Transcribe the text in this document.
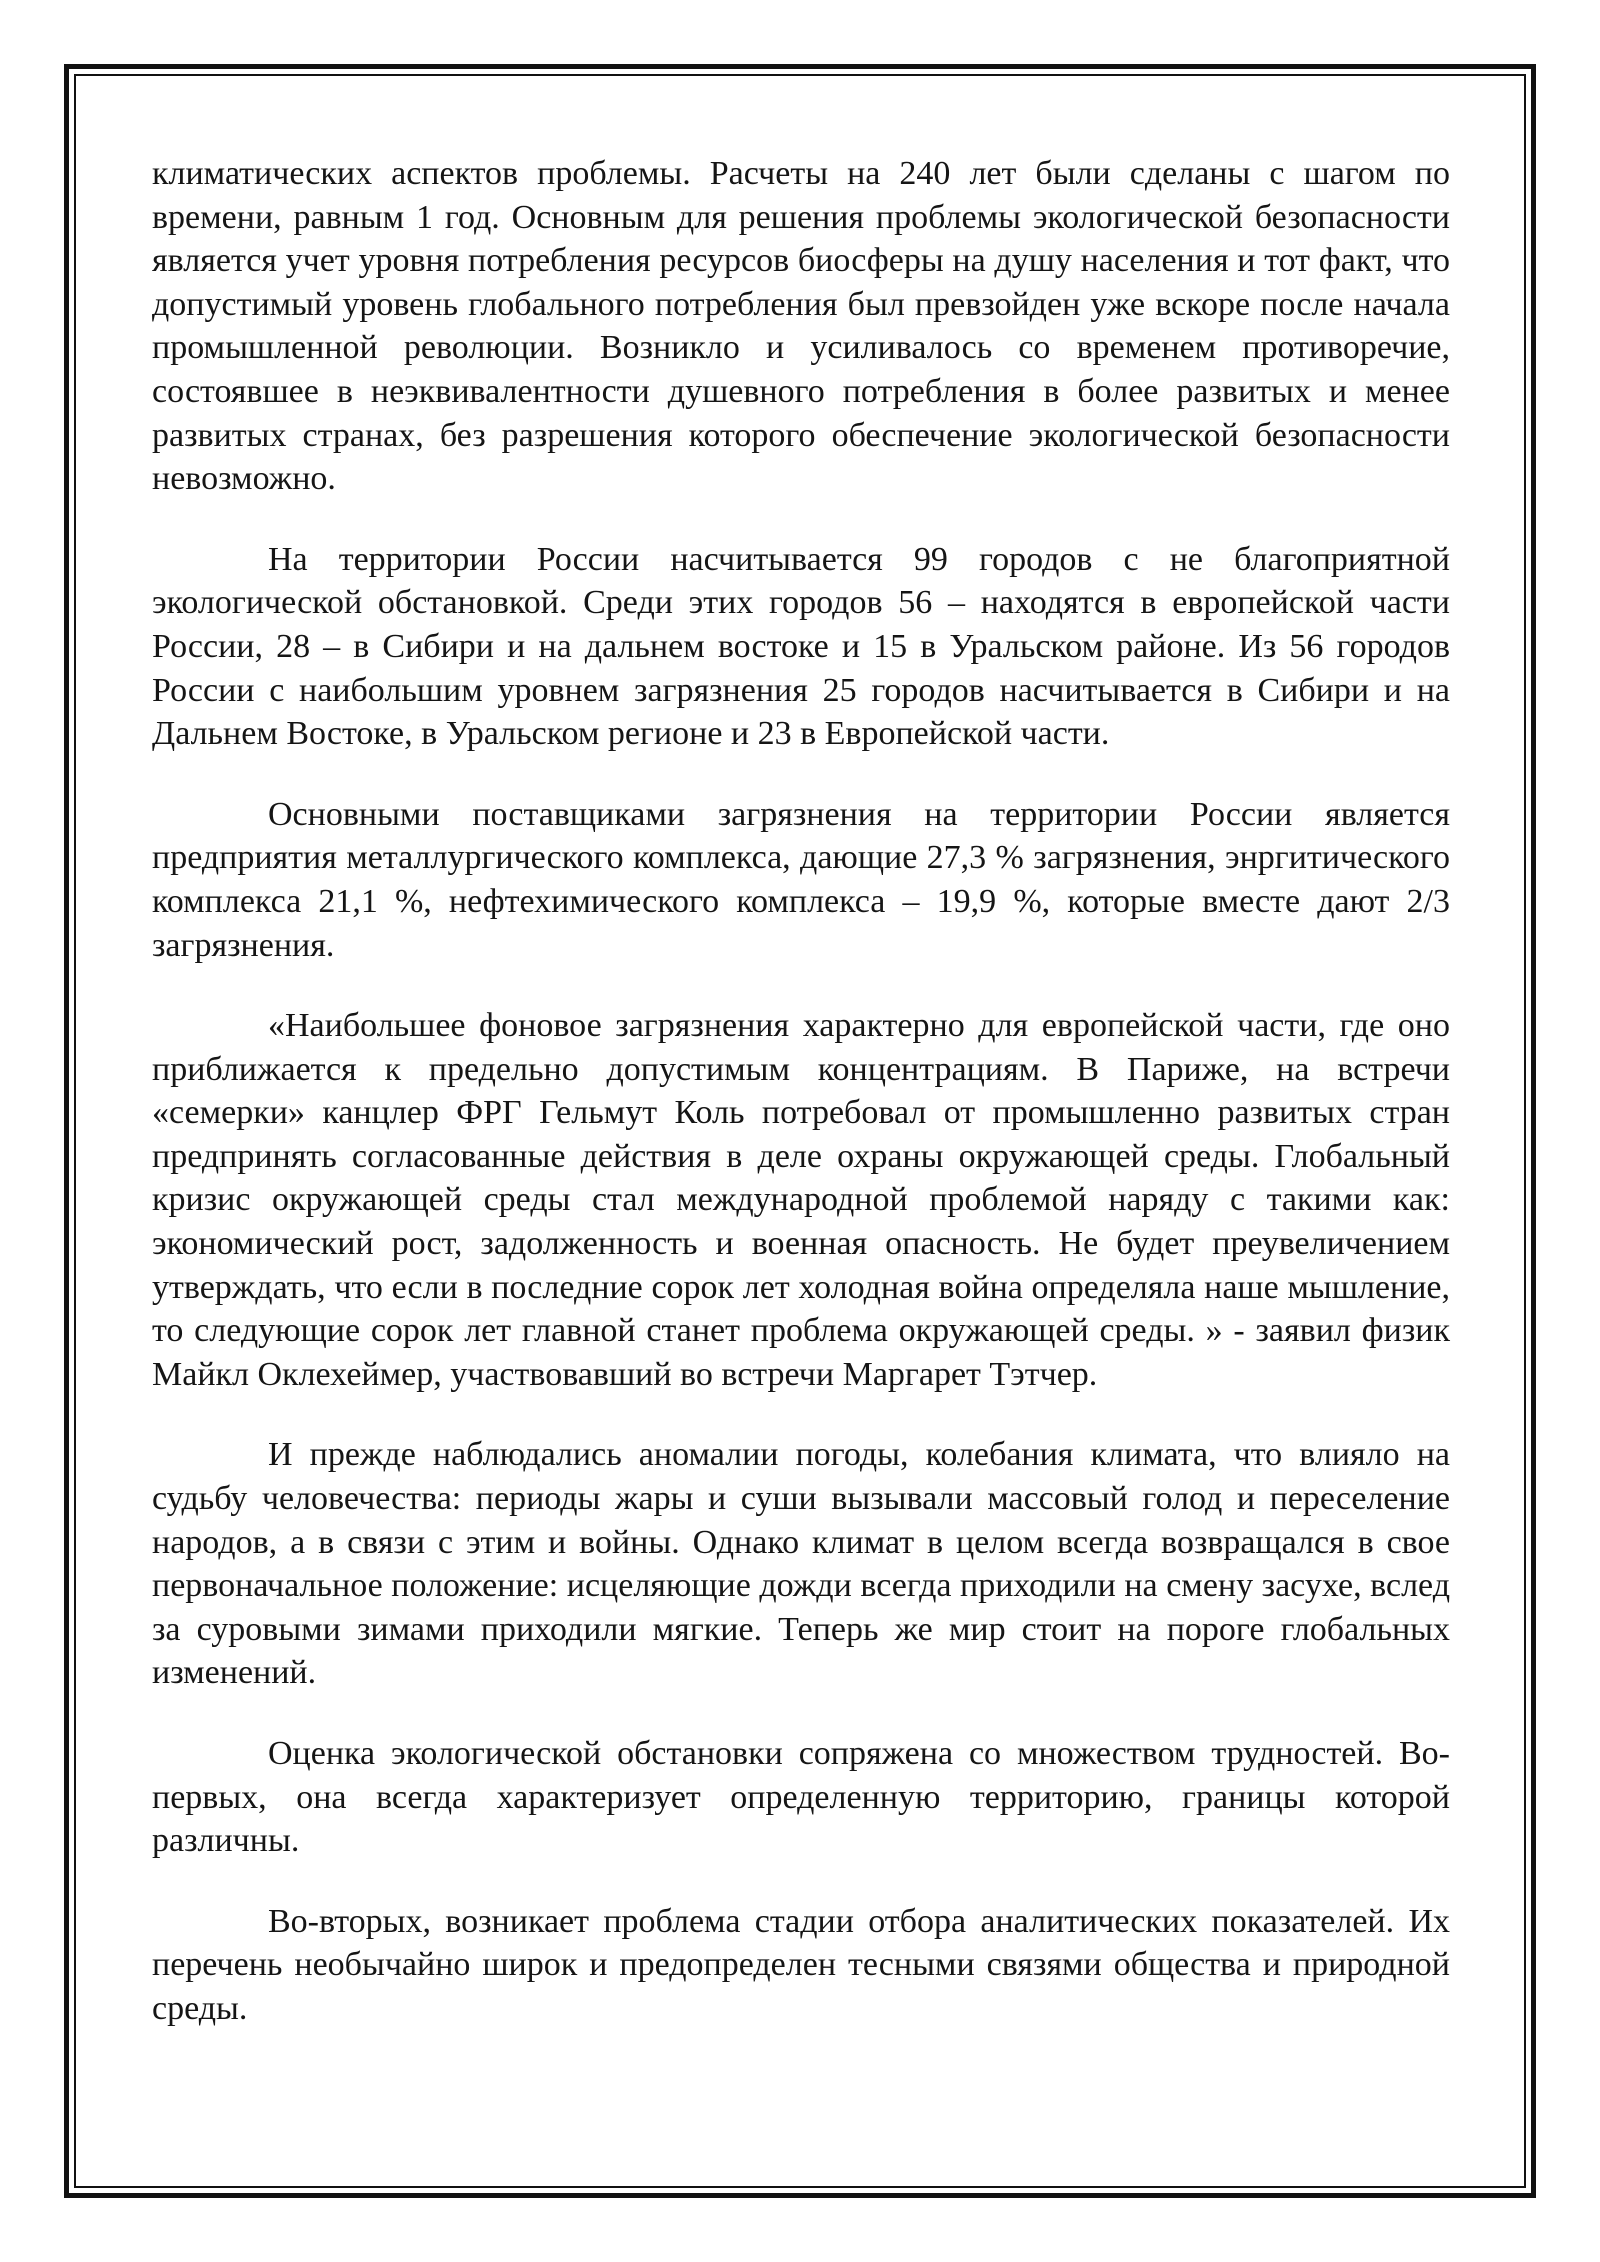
климатических аспектов проблемы. Расчеты на 240 лет были сделаны с шагом по времени, равным 1 год. Основным для решения проблемы экологической безопасности является учет уровня потребления ресурсов биосферы на душу населения и тот факт, что допустимый уровень глобального потребления был превзойден уже вскоре после начала промышленной революции. Возникло и усиливалось со временем противоречие, состоявшее в неэквивалентности душевного потребления в более развитых и менее развитых странах, без разрешения которого обеспечение экологической безопасности невозможно.

На территории России насчитывается 99 городов с не благоприятной экологической обстановкой. Среди этих городов 56 – находятся в европейской части России, 28 – в Сибири и на дальнем востоке и 15 в Уральском районе. Из 56 городов России с наибольшим уровнем загрязнения 25 городов насчитывается в Сибири и на Дальнем Востоке, в Уральском регионе и 23 в Европейской части.

Основными поставщиками загрязнения на территории России является предприятия металлургического комплекса, дающие 27,3 % загрязнения, энргитического комплекса 21,1 %, нефтехимического комплекса – 19,9 %, которые вместе дают 2/3 загрязнения.

«Наибольшее фоновое загрязнения характерно для европейской части, где оно приближается к предельно допустимым концентрациям. В Париже, на встречи «семерки» канцлер ФРГ Гельмут Коль потребовал от промышленно развитых стран предпринять согласованные действия в деле охраны окружающей среды. Глобальный кризис окружающей среды стал международной проблемой наряду с такими как: экономический рост, задолженность и военная опасность. Не будет преувеличением утверждать, что если в последние сорок лет холодная война определяла наше мышление, то следующие сорок лет главной станет проблема окружающей среды. » - заявил физик Майкл Оклехеймер, участвовавший во встречи Маргарет Тэтчер.

И прежде наблюдались аномалии погоды, колебания климата, что влияло на судьбу человечества: периоды жары и суши вызывали массовый голод и переселение народов, а в связи с этим и войны. Однако климат в целом всегда возвращался в свое первоначальное положение: исцеляющие дожди всегда приходили на смену засухе, вслед за суровыми зимами приходили мягкие. Теперь же мир стоит на пороге глобальных изменений.

Оценка экологической обстановки сопряжена со множеством трудностей. Во-первых, она всегда характеризует определенную территорию, границы которой различны.

Во-вторых, возникает проблема стадии отбора аналитических показателей. Их перечень необычайно широк и предопределен тесными связями общества и природной среды.
